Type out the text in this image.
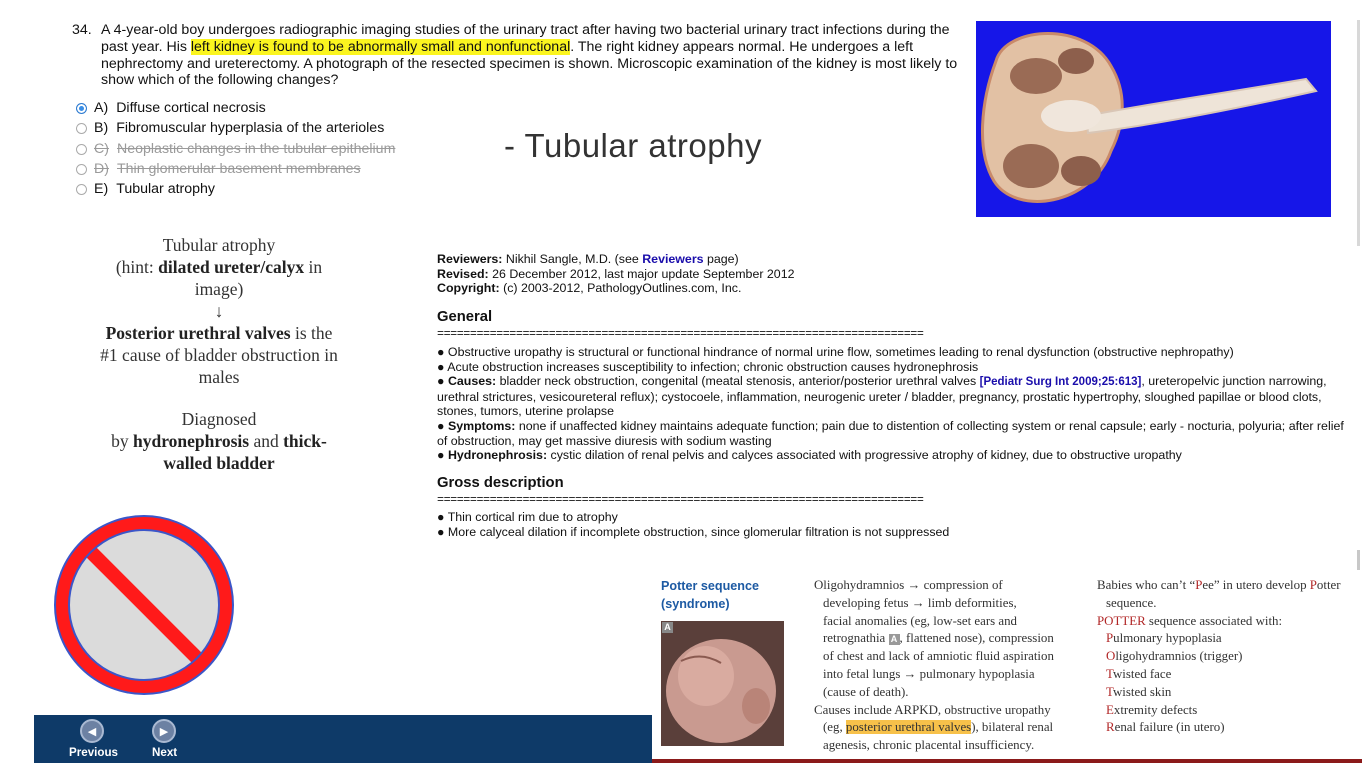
34. A 4-year-old boy undergoes radiographic imaging studies of the urinary tract after having two bacterial urinary tract infections during the past year. His left kidney is found to be abnormally small and nonfunctional. The right kidney appears normal. He undergoes a left nephrectomy and ureterectomy. A photograph of the resected specimen is shown. Microscopic examination of the kidney is most likely to show which of the following changes?
A) Diffuse cortical necrosis
B) Fibromuscular hyperplasia of the arterioles
C) Neoplastic changes in the tubular epithelium
D) Thin glomerular basement membranes
E) Tubular atrophy
- Tubular atrophy

Tubular atrophy
(hint: dilated ureter/calyx in image)
↓
Posterior urethral valves is the #1 cause of bladder obstruction in males

Diagnosed
by hydronephrosis and thick-walled bladder

Reviewers: Nikhil Sangle, M.D. (see Reviewers page)
Revised: 26 December 2012, last major update September 2012
Copyright: (c) 2003-2012, PathologyOutlines.com, Inc.
General
==========================================================================
● Obstructive uropathy is structural or functional hindrance of normal urine flow, sometimes leading to renal dysfunction (obstructive nephropathy)
● Acute obstruction increases susceptibility to infection; chronic obstruction causes hydronephrosis
● Causes: bladder neck obstruction, congenital (meatal stenosis, anterior/posterior urethral valves [Pediatr Surg Int 2009;25:613], ureteropelvic junction narrowing, urethral strictures, vesicoureteral reflux); cystocoele, inflammation, neurogenic ureter / bladder, pregnancy, prostatic hypertrophy, sloughed papillae or blood clots, stones, tumors, uterine prolapse
● Symptoms: none if unaffected kidney maintains adequate function; pain due to distention of collecting system or renal capsule; early - nocturia, polyuria; after relief of obstruction, may get massive diuresis with sodium wasting
● Hydronephrosis: cystic dilation of renal pelvis and calyces associated with progressive atrophy of kidney, due to obstructive uropathy
Gross description
==========================================================================
● Thin cortical rim due to atrophy
● More calyceal dilation if incomplete obstruction, since glomerular filtration is not suppressed
◀
Previous
▶
Next
Potter sequence (syndrome)
A
Oligohydramnios → compression of
developing fetus → limb deformities,
facial anomalies (eg, low-set ears and
retrognathia A , flattened nose), compression
of chest and lack of amniotic fluid aspiration
into fetal lungs → pulmonary hypoplasia
(cause of death).
Causes include ARPKD, obstructive uropathy
(eg, posterior urethral valves), bilateral renal
agenesis, chronic placental insufficiency.
Babies who can’t “Pee” in utero develop Potter
sequence.
POTTER sequence associated with:
Pulmonary hypoplasia
Oligohydramnios (trigger)
Twisted face
Twisted skin
Extremity defects
Renal failure (in utero)
